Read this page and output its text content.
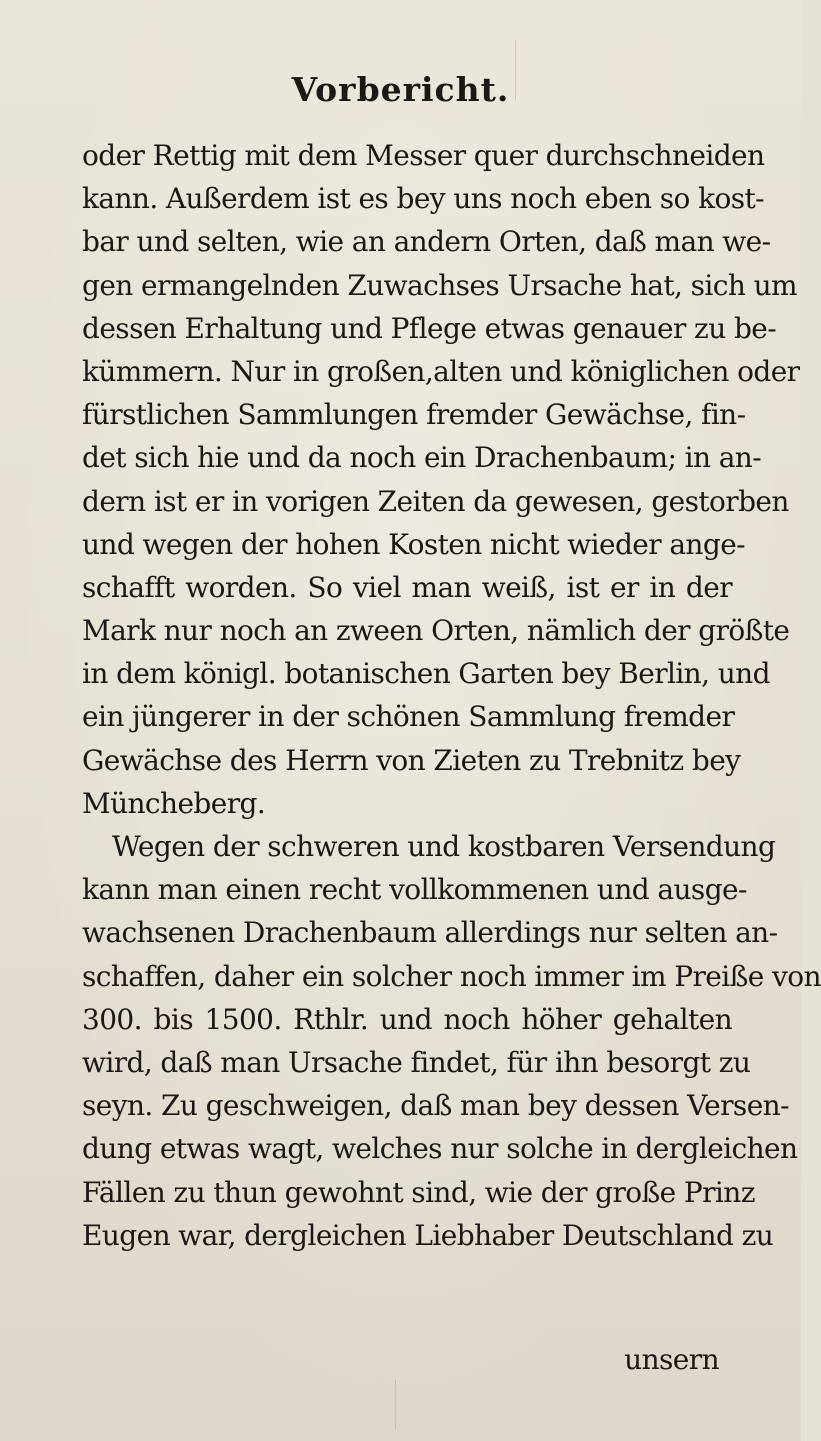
Vorbericht.
oder Rettig mit dem Messer quer durchschneiden
kann. Außerdem ist es bey uns noch eben so kost-
bar und selten, wie an andern Orten, daß man we-
gen ermangelnden Zuwachses Ursache hat, sich um
dessen Erhaltung und Pflege etwas genauer zu be-
kümmern. Nur in großen,alten und königlichen oder
fürstlichen Sammlungen fremder Gewächse, fin-
det sich hie und da noch ein Drachenbaum; in an-
dern ist er in vorigen Zeiten da gewesen, gestorben
und wegen der hohen Kosten nicht wieder ange-
schafft worden. So viel man weiß, ist er in der
Mark nur noch an zween Orten, nämlich der größte
in dem königl. botanischen Garten bey Berlin, und
ein jüngerer in der schönen Sammlung fremder
Gewächse des Herrn von Zieten zu Trebnitz bey
Müncheberg.
Wegen der schweren und kostbaren Versendung
kann man einen recht vollkommenen und ausge-
wachsenen Drachenbaum allerdings nur selten an-
schaffen, daher ein solcher noch immer im Preiße von
300. bis 1500. Rthlr. und noch höher gehalten
wird, daß man Ursache findet, für ihn besorgt zu
seyn. Zu geschweigen, daß man bey dessen Versen-
dung etwas wagt, welches nur solche in dergleichen
Fällen zu thun gewohnt sind, wie der große Prinz
Eugen war, dergleichen Liebhaber Deutschland zu
unsern
